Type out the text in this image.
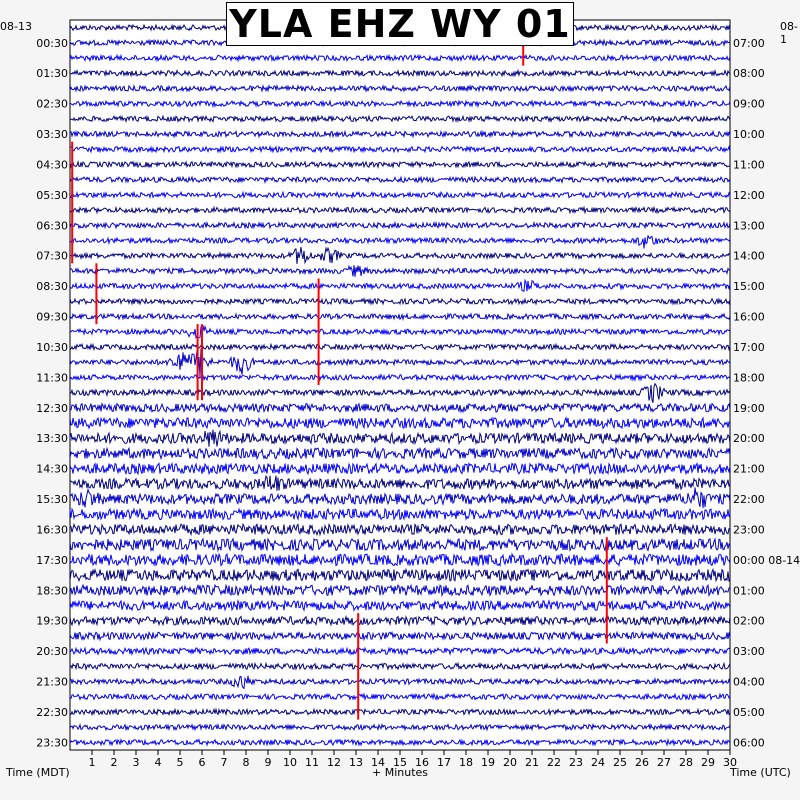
1 2 3 4 5 6 7 8 9 10 11 12 13 14 15 16 17 18 19 20 21 22 23 24 25 26 27 28 29 30
00:30
01:30
02:30
03:30
04:30
05:30
06:30
07:30
08:30
09:30
10:30
11:30
12:30
13:30
14:30
15:30
16:30
17:30
18:30
19:30
20:30
21:30
22:30
23:30
07:00
08:00
09:00
10:00
11:00
12:00
13:00
14:00
15:00
16:00
17:00
18:00
19:00
20:00
21:00
22:00
23:00
00:00 08-14
01:00
02:00
03:00
04:00
05:00
06:00
YLA EHZ WY 01
08-13	08-1
Time (MDT)	+ Minutes	Time (UTC)
